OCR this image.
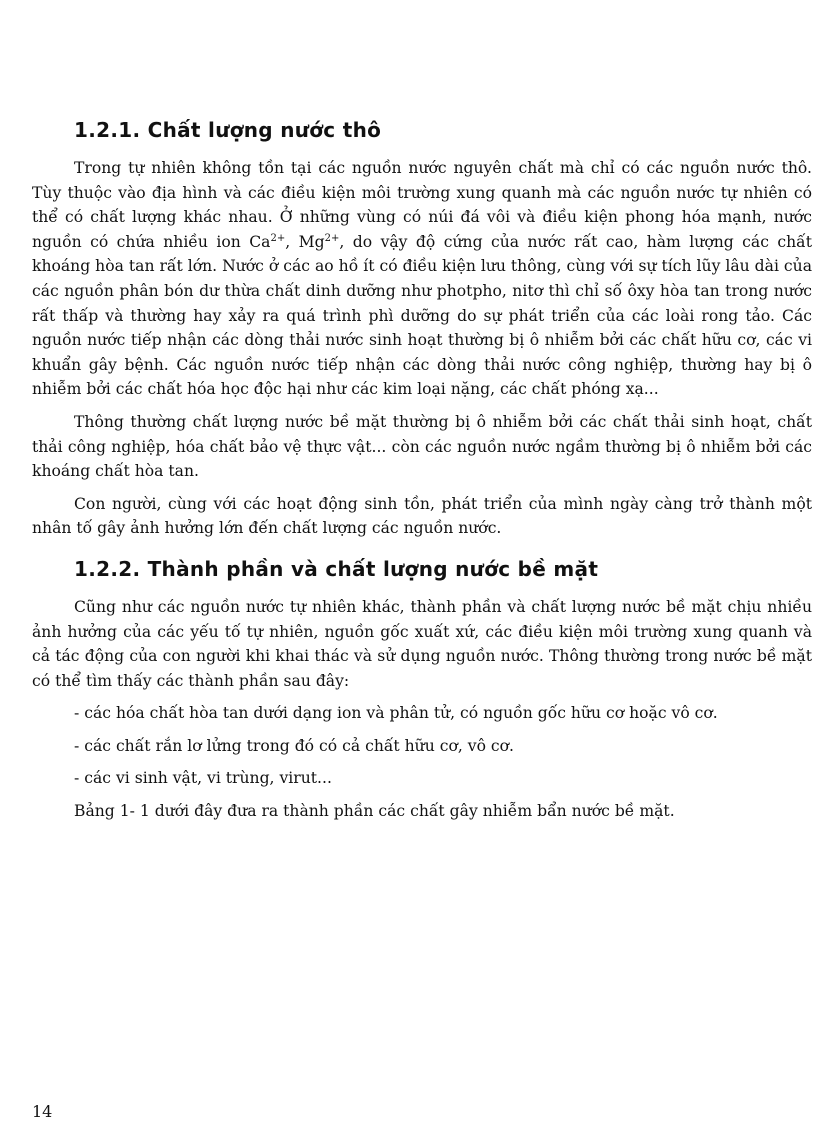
1.2.1. Chất lượng nước thô

Trong tự nhiên không tồn tại các nguồn nước nguyên chất mà chỉ có các nguồn nước thô. Tùy thuộc vào địa hình và các điều kiện môi trường xung quanh mà các nguồn nước tự nhiên có thể có chất lượng khác nhau. Ở những vùng có núi đá vôi và điều kiện phong hóa mạnh, nước nguồn có chứa nhiều ion $Ca^{2+}$, $Mg^{2+}$, do vậy độ cứng của nước rất cao, hàm lượng các chất khoáng hòa tan rất lớn. Nước ở các ao hồ ít có điều kiện lưu thông, cùng với sự tích lũy lâu dài của các nguồn phân bón dư thừa chất dinh dưỡng như photpho, nitơ thì chỉ số ôxy hòa tan trong nước rất thấp và thường hay xảy ra quá trình phì dưỡng do sự phát triển của các loài rong tảo. Các nguồn nước tiếp nhận các dòng thải nước sinh hoạt thường bị ô nhiễm bởi các chất hữu cơ, các vi khuẩn gây bệnh. Các nguồn nước tiếp nhận các dòng thải nước công nghiệp, thường hay bị ô nhiễm bởi các chất hóa học độc hại như các kim loại nặng, các chất phóng xạ...

Thông thường chất lượng nước bề mặt thường bị ô nhiễm bởi các chất thải sinh hoạt, chất thải công nghiệp, hóa chất bảo vệ thực vật... còn các nguồn nước ngầm thường bị ô nhiễm bởi các khoáng chất hòa tan.

Con người, cùng với các hoạt động sinh tồn, phát triển của mình ngày càng trở thành một nhân tố gây ảnh hưởng lớn đến chất lượng các nguồn nước.

1.2.2. Thành phần và chất lượng nước bề mặt

Cũng như các nguồn nước tự nhiên khác, thành phần và chất lượng nước bề mặt chịu nhiều ảnh hưởng của các yếu tố tự nhiên, nguồn gốc xuất xứ, các điều kiện môi trường xung quanh và cả tác động của con người khi khai thác và sử dụng nguồn nước. Thông thường trong nước bề mặt có thể tìm thấy các thành phần sau đây:

- các hóa chất hòa tan dưới dạng ion và phân tử, có nguồn gốc hữu cơ hoặc vô cơ.

- các chất rắn lơ lửng trong đó có cả chất hữu cơ, vô cơ.

- các vi sinh vật, vi trùng, virut...

Bảng 1- 1 dưới đây đưa ra thành phần các chất gây nhiễm bẩn nước bề mặt.

14
